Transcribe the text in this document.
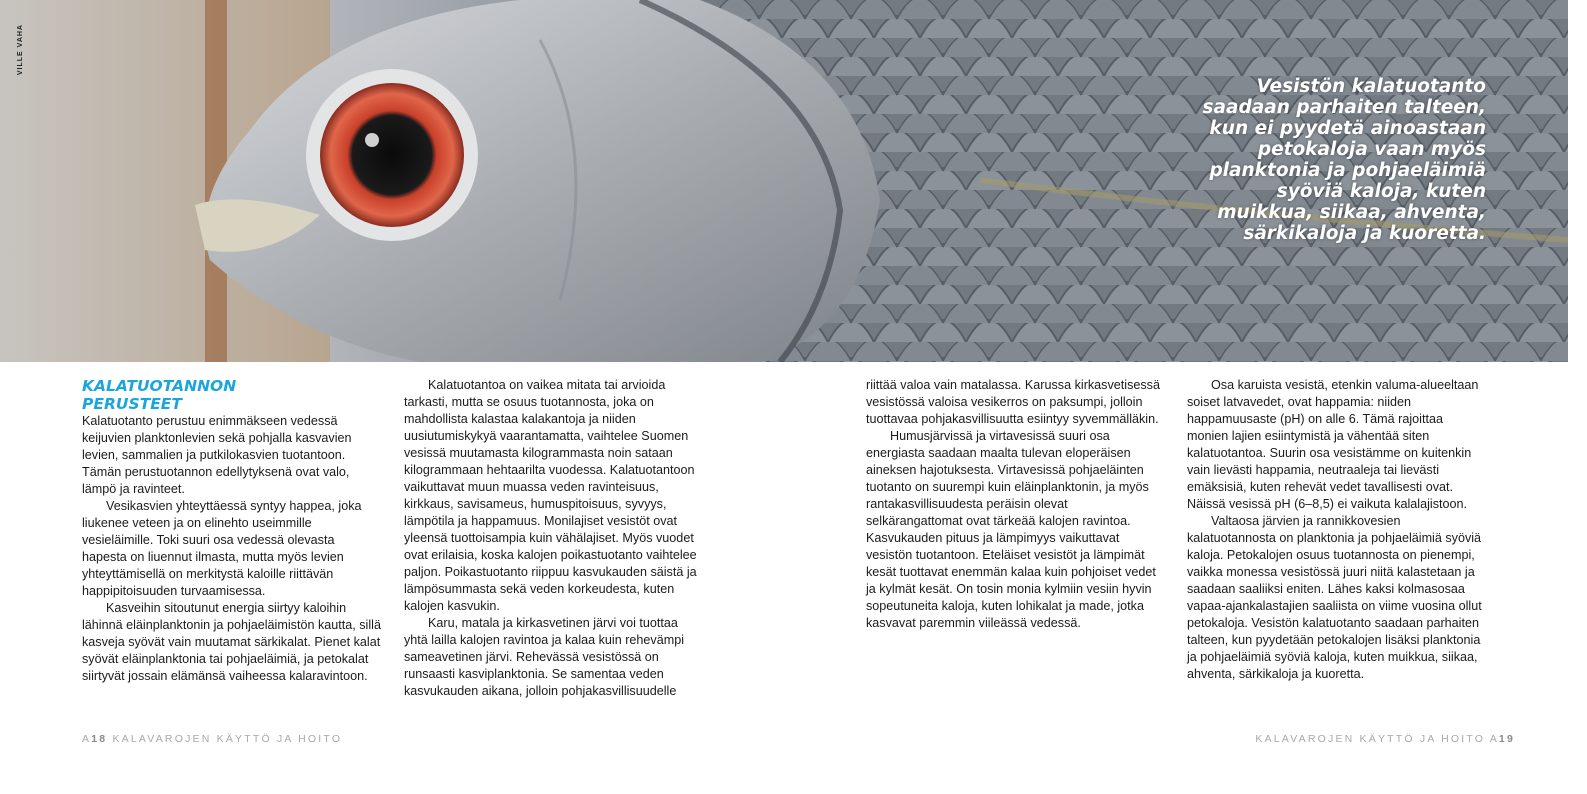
VILLE VAHA
Vesistön kalatuotanto saadaan parhaiten talteen, kun ei pyydetä ainoastaan petokaloja vaan myös planktonia ja pohjaeläimiä syöviä kaloja, kuten muikkua, siikaa, ahventa, särkikaloja ja kuoretta.
KALATUOTANNON
PERUSTEET

Kalatuotanto perustuu enimmäkseen vedessä keijuvien planktonlevien sekä pohjalla kasvavien levien, sammalien ja putkilokasvien tuotantoon. Tämän perustuotannon edellytyksenä ovat valo, lämpö ja ravinteet.

Vesikasvien yhteyttäessä syntyy happea, joka liukenee veteen ja on elinehto useimmille vesieläimille. Toki suuri osa vedessä olevasta hapesta on liuennut ilmasta, mutta myös levien yhteyttämisellä on merkitystä kaloille riittävän happipitoisuuden turvaamisessa.

Kasveihin sitoutunut energia siirtyy kaloihin lähinnä eläinplanktonin ja pohjaeläimistön kautta, sillä kasveja syövät vain muutamat särkikalat. Pienet kalat syövät eläinplanktonia tai pohjaeläimiä, ja petokalat siirtyvät jossain elämänsä vaiheessa kalaravintoon.

Kalatuotantoa on vaikea mitata tai arvioida tarkasti, mutta se osuus tuotannosta, joka on mahdollista kalastaa kalakantoja ja niiden uusiutumiskykyä vaarantamatta, vaihtelee Suomen vesissä muutamasta kilogrammasta noin sataan kilogrammaan hehtaarilta vuodessa. Kalatuotantoon vaikuttavat muun muassa veden ravinteisuus, kirkkaus, savisameus, humuspitoisuus, syvyys, lämpötila ja happamuus. Monilajiset vesistöt ovat yleensä tuottoisampia kuin vähälajiset. Myös vuodet ovat erilaisia, koska kalojen poikastuotanto vaihtelee paljon. Poikastuotanto riippuu kasvukauden säistä ja lämpösummasta sekä veden korkeudesta, kuten kalojen kasvukin.

Karu, matala ja kirkasvetinen järvi voi tuottaa yhtä lailla kalojen ravintoa ja kalaa kuin rehevämpi sameavetinen järvi. Rehevässä vesistössä on runsaasti kasviplanktonia. Se samentaa veden kasvukauden aikana, jolloin pohjakasvillisuudelle

riittää valoa vain matalassa. Karussa kirkasvetisessä vesistössä valoisa vesikerros on paksumpi, jolloin tuottavaa pohjakasvillisuutta esiintyy syvemmälläkin.

Humusjärvissä ja virtavesissä suuri osa energiasta saadaan maalta tulevan eloperäisen aineksen hajotuksesta. Virtavesissä pohjaeläinten tuotanto on suurempi kuin eläinplanktonin, ja myös rantakasvillisuudesta peräisin olevat selkärangattomat ovat tärkeää kalojen ravintoa. Kasvukauden pituus ja lämpimyys vaikuttavat vesistön tuotantoon. Eteläiset vesistöt ja lämpimät kesät tuottavat enemmän kalaa kuin pohjoiset vedet ja kylmät kesät. On tosin monia kylmiin vesiin hyvin sopeutuneita kaloja, kuten lohikalat ja made, jotka kasvavat paremmin viileässä vedessä.

Osa karuista vesistä, etenkin valuma-alueeltaan soiset latvavedet, ovat happamia: niiden happamuusaste (pH) on alle 6. Tämä rajoittaa monien lajien esiintymistä ja vähentää siten kalatuotantoa. Suurin osa vesistämme on kuitenkin vain lievästi happamia, neutraaleja tai lievästi emäksisiä, kuten rehevät vedet tavallisesti ovat. Näissä vesissä pH (6–8,5) ei vaikuta kalalajistoon.

Valtaosa järvien ja rannikkovesien kalatuotannosta on planktonia ja pohjaeläimiä syöviä kaloja. Petokalojen osuus tuotannosta on pienempi, vaikka monessa vesistössä juuri niitä kalastetaan ja saadaan saaliiksi eniten. Lähes kaksi kolmasosaa vapaa-ajankalastajien saaliista on viime vuosina ollut petokaloja. Vesistön kalatuotanto saadaan parhaiten talteen, kun pyydetään petokalojen lisäksi planktonia ja pohjaeläimiä syöviä kaloja, kuten muikkua, siikaa, ahventa, särkikaloja ja kuoretta.

A18 KALAVAROJEN KÄYTTÖ JA HOITO	KALAVAROJEN KÄYTTÖ JA HOITO A19
